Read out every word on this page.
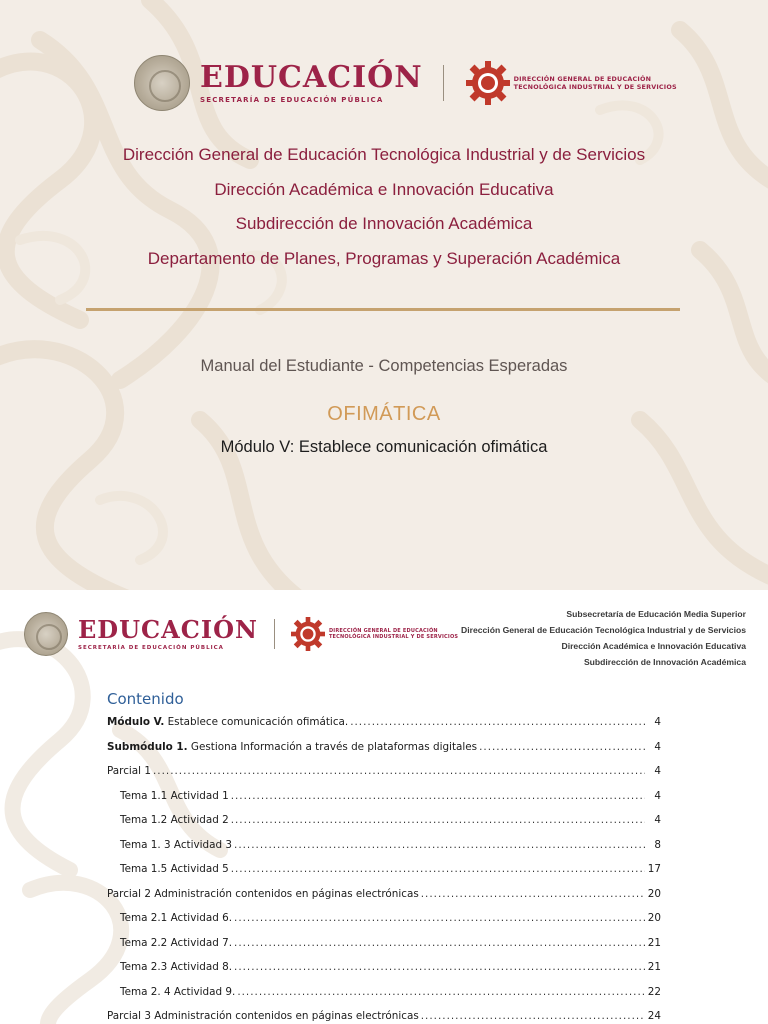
EDUCACIÓN
SECRETARÍA DE EDUCACIÓN PÚBLICA
DIRECCIÓN GENERAL DE EDUCACIÓN
TECNOLÓGICA INDUSTRIAL Y DE SERVICIOS
Dirección General de Educación Tecnológica Industrial y de Servicios
Dirección Académica e Innovación Educativa
Subdirección de Innovación Académica
Departamento de Planes, Programas y Superación Académica
Manual del Estudiante - Competencias Esperadas
OFIMÁTICA
Módulo V: Establece comunicación ofimática
EDUCACIÓN
SECRETARÍA DE EDUCACIÓN PÚBLICA
DIRECCIÓN GENERAL DE EDUCACIÓN
TECNOLÓGICA INDUSTRIAL Y DE SERVICIOS
Subsecretaría de Educación Media Superior
Dirección General de Educación Tecnológica Industrial y de Servicios
Dirección Académica e Innovación Educativa
Subdirección de Innovación Académica
Contenido
Módulo V. Establece comunicación ofimática. .....	4
Submódulo 1. Gestiona Información a través de plataformas digitales .....	4
Parcial 1 .....	4
Tema 1.1 Actividad 1 .....	4
Tema 1.2 Actividad 2 .....	4
Tema 1. 3 Actividad 3 .....	8
Tema 1.5 Actividad 5 .....	17
Parcial 2 Administración contenidos en páginas electrónicas .....	20
Tema 2.1 Actividad 6. .....	20
Tema 2.2 Actividad 7. .....	21
Tema 2.3 Actividad 8. .....	21
Tema 2. 4 Actividad 9. .....	22
Parcial 3 Administración contenidos en páginas electrónicas .....	24
